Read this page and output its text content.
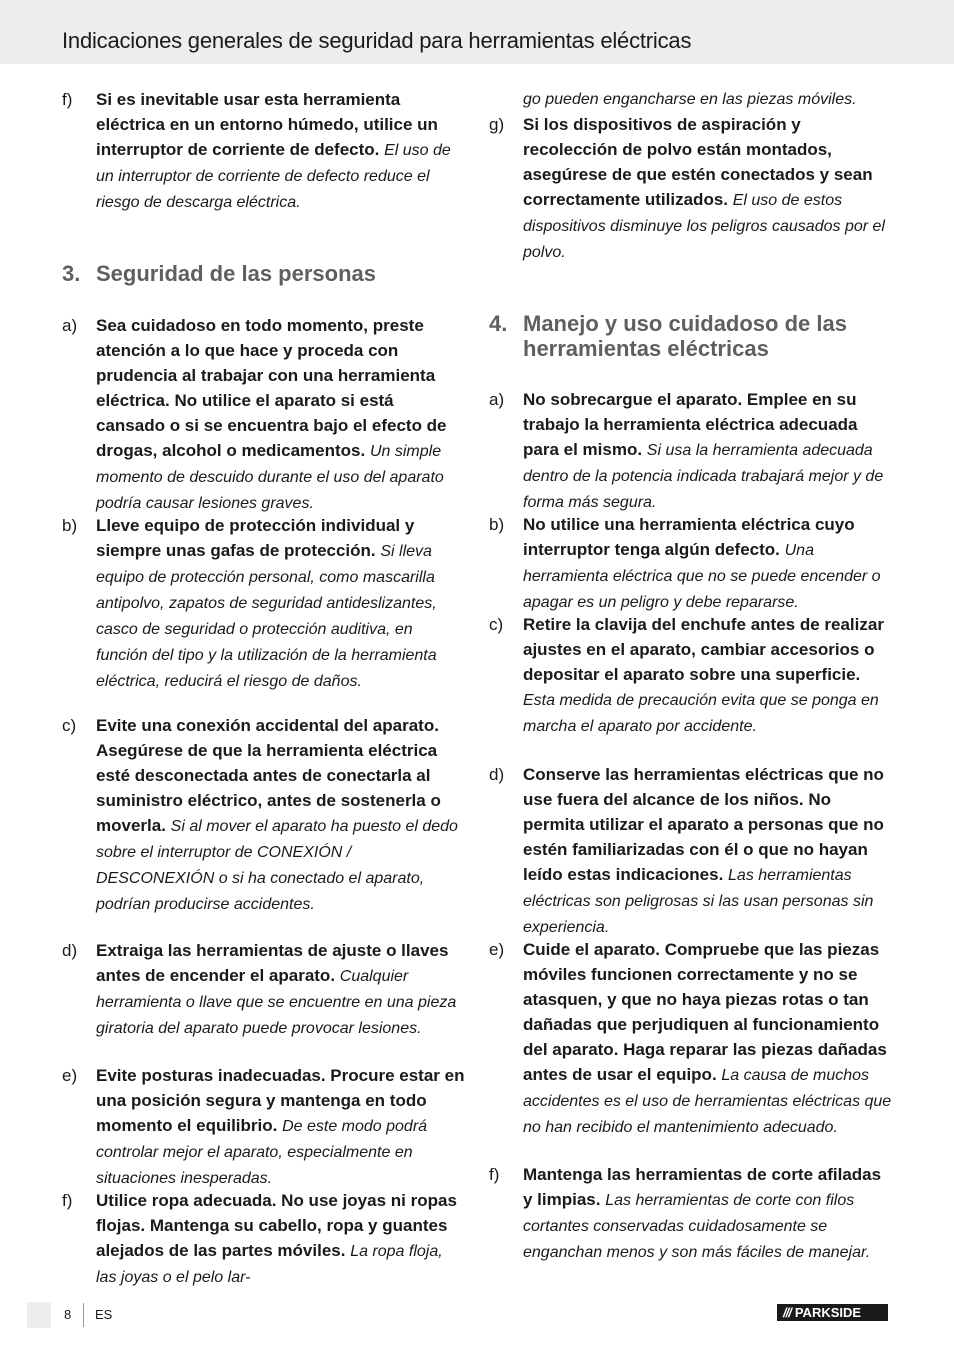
Indicaciones generales de seguridad para herramientas eléctricas
f) Si es inevitable usar esta herramienta eléctrica en un entorno húmedo, utilice un interruptor de corriente de defecto. El uso de un interruptor de corriente de defecto reduce el riesgo de descarga eléctrica.
3. Seguridad de las personas
a) Sea cuidadoso en todo momento, preste atención a lo que hace y proceda con prudencia al trabajar con una herramienta eléctrica. No utilice el aparato si está cansado o si se encuentra bajo el efecto de drogas, alcohol o medicamentos. Un simple momento de descuido durante el uso del aparato podría causar lesiones graves.
b) Lleve equipo de protección individual y siempre unas gafas de protección. Si lleva equipo de protección personal, como mascarilla antipolvo, zapatos de seguridad antideslizantes, casco de seguridad o protección auditiva, en función del tipo y la utilización de la herramienta eléctrica, reducirá el riesgo de daños.
c) Evite una conexión accidental del aparato. Asegúrese de que la herramienta eléctrica esté desconectada antes de conectarla al suministro eléctrico, antes de sostenerla o moverla. Si al mover el aparato ha puesto el dedo sobre el interruptor de CONEXIÓN / DESCONEXIÓN o si ha conectado el aparato, podrían producirse accidentes.
d) Extraiga las herramientas de ajuste o llaves antes de encender el aparato. Cualquier herramienta o llave que se encuentre en una pieza giratoria del aparato puede provocar lesiones.
e) Evite posturas inadecuadas. Procure estar en una posición segura y mantenga en todo momento el equilibrio. De este modo podrá controlar mejor el aparato, especialmente en situaciones inesperadas.
f) Utilice ropa adecuada. No use joyas ni ropas flojas. Mantenga su cabello, ropa y guantes alejados de las partes móviles. La ropa floja, las joyas o el pelo lar-
go pueden engancharse en las piezas móviles.
g) Si los dispositivos de aspiración y recolección de polvo están montados, asegúrese de que estén conectados y sean correctamente utilizados. El uso de estos dispositivos disminuye los peligros causados por el polvo.
4. Manejo y uso cuidadoso de las herramientas eléctricas
a) No sobrecargue el aparato. Emplee en su trabajo la herramienta eléctrica adecuada para el mismo. Si usa la herramienta adecuada dentro de la potencia indicada trabajará mejor y de forma más segura.
b) No utilice una herramienta eléctrica cuyo interruptor tenga algún defecto. Una herramienta eléctrica que no se puede encender o apagar es un peligro y debe repararse.
c) Retire la clavija del enchufe antes de realizar ajustes en el aparato, cambiar accesorios o depositar el aparato sobre una superficie. Esta medida de precaución evita que se ponga en marcha el aparato por accidente.
d) Conserve las herramientas eléctricas que no use fuera del alcance de los niños. No permita utilizar el aparato a personas que no estén familiarizadas con él o que no hayan leído estas indicaciones. Las herramientas eléctricas son peligrosas si las usan personas sin experiencia.
e) Cuide el aparato. Compruebe que las piezas móviles funcionen correctamente y no se atasquen, y que no haya piezas rotas o tan dañadas que perjudiquen al funcionamiento del aparato. Haga reparar las piezas dañadas antes de usar el equipo. La causa de muchos accidentes es el uso de herramientas eléctricas que no han recibido el mantenimiento adecuado.
f) Mantenga las herramientas de corte afiladas y limpias. Las herramientas de corte con filos cortantes conservadas cuidadosamente se enganchan menos y son más fáciles de manejar.
8 ES	/// PARKSIDE
